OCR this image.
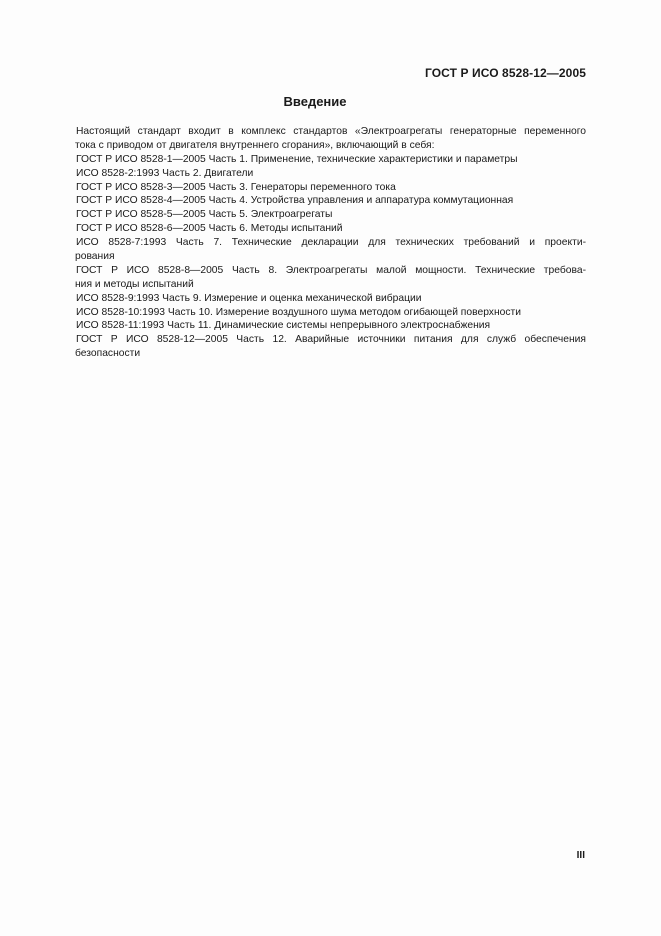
ГОСТ Р ИСО 8528-12—2005
Введение
Настоящий стандарт входит в комплекс стандартов «Электроагрегаты генераторные переменного
тока с приводом от двигателя внутреннего сгорания», включающий в себя:
ГОСТ Р ИСО 8528-1—2005 Часть 1. Применение, технические характеристики и параметры
ИСО 8528-2:1993 Часть 2. Двигатели
ГОСТ Р ИСО 8528-3—2005 Часть 3. Генераторы переменного тока
ГОСТ Р ИСО 8528-4—2005 Часть 4. Устройства управления и аппаратура коммутационная
ГОСТ Р ИСО 8528-5—2005 Часть 5. Электроагрегаты
ГОСТ Р ИСО 8528-6—2005 Часть 6. Методы испытаний
ИСО 8528-7:1993 Часть 7. Технические декларации для технических требований и проекти-
рования
ГОСТ Р ИСО 8528-8—2005 Часть 8. Электроагрегаты малой мощности. Технические требова-
ния и методы испытаний
ИСО 8528-9:1993 Часть 9. Измерение и оценка механической вибрации
ИСО 8528-10:1993 Часть 10. Измерение воздушного шума методом огибающей поверхности
ИСО 8528-11:1993 Часть 11. Динамические системы непрерывного электроснабжения
ГОСТ Р ИСО 8528-12—2005 Часть 12. Аварийные источники питания для служб обеспечения
безопасности
III
